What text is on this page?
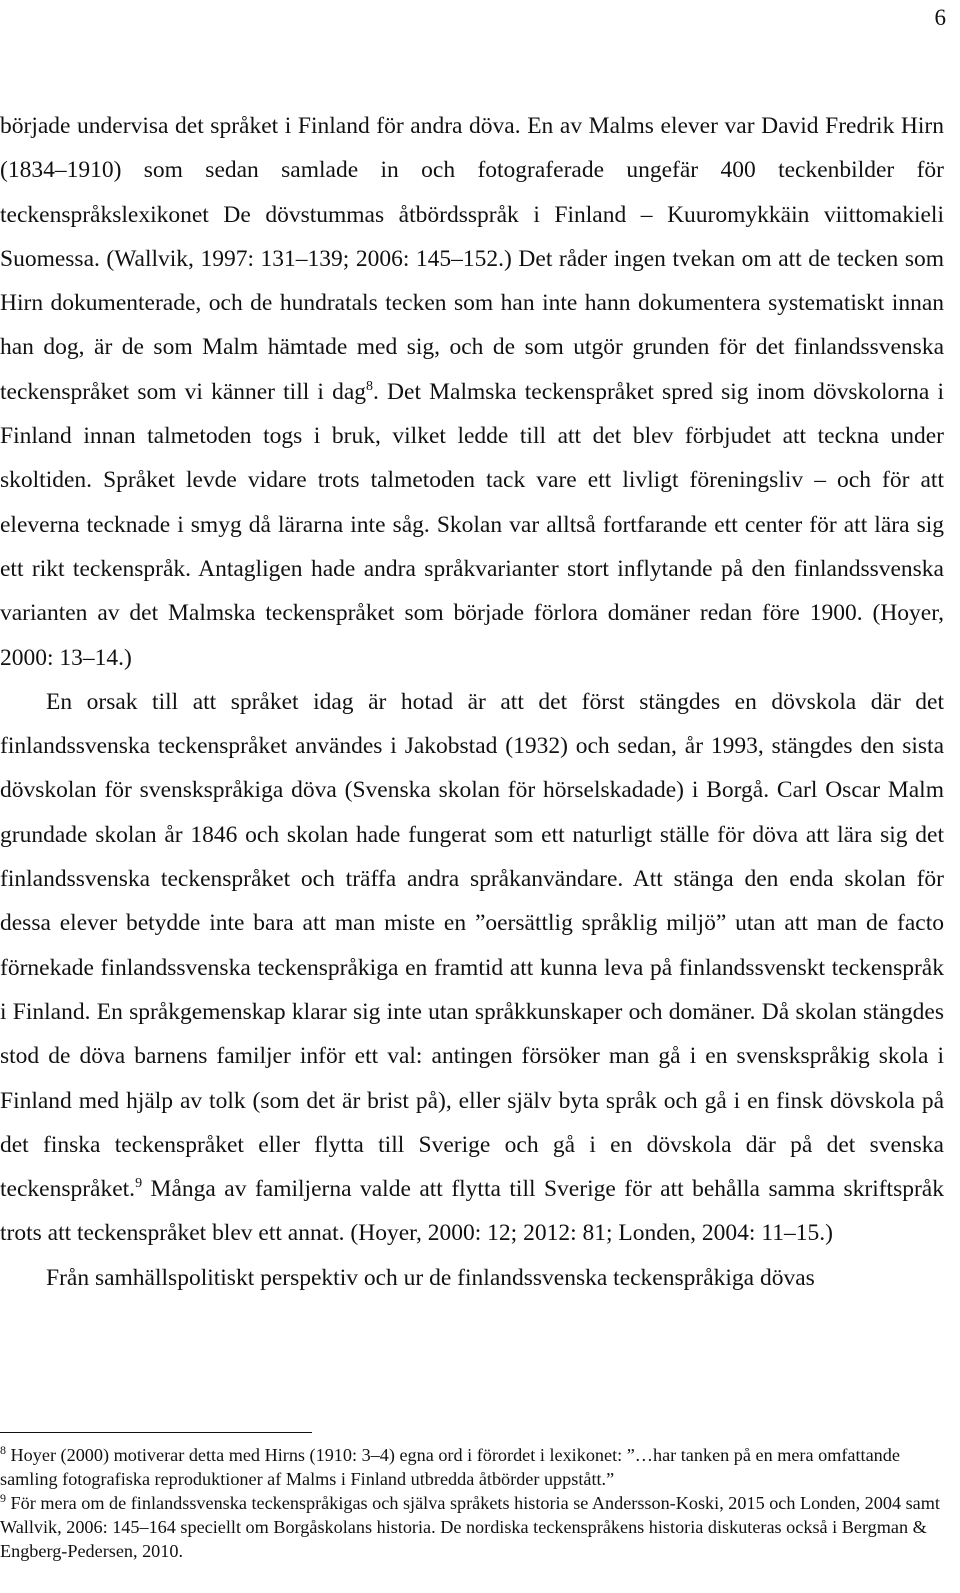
6

började undervisa det språket i Finland för andra döva. En av Malms elever var David Fredrik Hirn (1834–1910) som sedan samlade in och fotograferade ungefär 400 teckenbilder för teckenspråkslexikonet De dövstummas åtbördsspråk i Finland – Kuuromykkäin viittomakieli Suomessa. (Wallvik, 1997: 131–139; 2006: 145–152.) Det råder ingen tvekan om att de tecken som Hirn dokumenterade, och de hundratals tecken som han inte hann dokumentera systematiskt innan han dog, är de som Malm hämtade med sig, och de som utgör grunden för det finlandssvenska teckenspråket som vi känner till i dag$^8$. Det Malmska teckenspråket spred sig inom dövskolorna i Finland innan talmetoden togs i bruk, vilket ledde till att det blev förbjudet att teckna under skoltiden. Språket levde vidare trots talmetoden tack vare ett livligt föreningsliv – och för att eleverna tecknade i smyg då lärarna inte såg. Skolan var alltså fortfarande ett center för att lära sig ett rikt teckenspråk. Antagligen hade andra språkvarianter stort inflytande på den finlandssvenska varianten av det Malmska teckenspråket som började förlora domäner redan före 1900. (Hoyer, 2000: 13–14.)

En orsak till att språket idag är hotad är att det först stängdes en dövskola där det finlandssvenska teckenspråket användes i Jakobstad (1932) och sedan, år 1993, stängdes den sista dövskolan för svenskspråkiga döva (Svenska skolan för hörselskadade) i Borgå. Carl Oscar Malm grundade skolan år 1846 och skolan hade fungerat som ett naturligt ställe för döva att lära sig det finlandssvenska teckenspråket och träffa andra språkanvändare. Att stänga den enda skolan för dessa elever betydde inte bara att man miste en ”oersättlig språklig miljö” utan att man de facto förnekade finlandssvenska teckenspråkiga en framtid att kunna leva på finlandssvenskt teckenspråk i Finland. En språkgemenskap klarar sig inte utan språkkunskaper och domäner. Då skolan stängdes stod de döva barnens familjer inför ett val: antingen försöker man gå i en svenskspråkig skola i Finland med hjälp av tolk (som det är brist på), eller själv byta språk och gå i en finsk dövskola på det finska teckenspråket eller flytta till Sverige och gå i en dövskola där på det svenska teckenspråket.$^9$ Många av familjerna valde att flytta till Sverige för att behålla samma skriftspråk trots att teckenspråket blev ett annat. (Hoyer, 2000: 12; 2012: 81; Londen, 2004: 11–15.)

Från samhällspolitiskt perspektiv och ur de finlandssvenska teckenspråkiga dövas

$^8$ Hoyer (2000) motiverar detta med Hirns (1910: 3–4) egna ord i förordet i lexikonet: ”…har tanken på en mera omfattande samling fotografiska reproduktioner af Malms i Finland utbredda åtbörder uppstått.”

$^9$ För mera om de finlandssvenska teckenspråkigas och själva språkets historia se Andersson-Koski, 2015 och Londen, 2004 samt Wallvik, 2006: 145–164 speciellt om Borgåskolans historia. De nordiska teckenspråkens historia diskuteras också i Bergman & Engberg-Pedersen, 2010.
